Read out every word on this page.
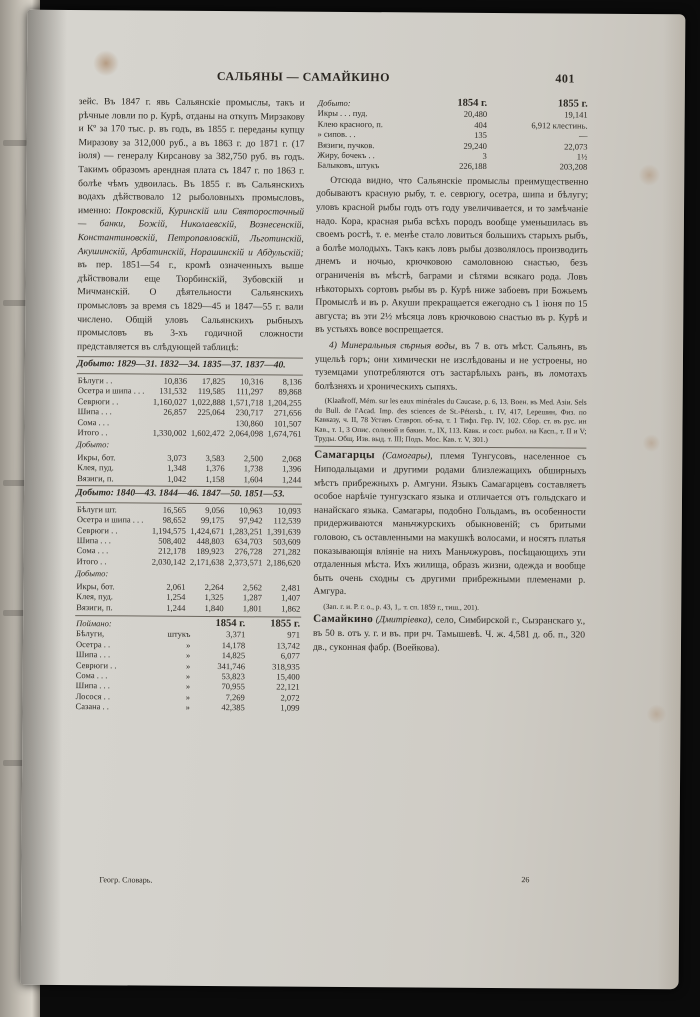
САЛЬЯНЫ — САМАЙКИНО	401

зейс. Въ 1847 г. явь Сальянскіе промыслы, такъ и рѣчные ловли по р. Курѣ, отданы на откупъ Мирзакову и Кº за 170 тыс. р. въ годъ, въ 1855 г. переданы купцу Миразову за 312,000 руб., а въ 1863 г. до 1871 г. (17 іюля) — генералу Кирсанову за 382,750 руб. въ годъ. Такимъ образомъ арендная плата съ 1847 г. по 1863 г. болѣе чѣмъ удвоилась. Въ 1855 г. въ Сальянскихъ водахъ дѣйствовало 12 рыболовныхъ промысловъ, именно: Покровскій, Куринскій или Святоросточный — банки, Божій, Николаевскій, Вознесенскій, Константиновскій, Петропавловскій, Льготинскій, Акушинскій, Арбатинскій, Норашинскій и Абдульскій; въ пер. 1851—54 г., кромѣ означенныхъ выше дѣйствовали еще Тюрбинскій, Зубовскій и Мичманскій. О дѣятельности Сальянскихъ промысловъ за время съ 1829—45 и 1847—55 г. вали числено. Общій уловъ Сальянскихъ рыбныхъ промысловъ въ 3-хъ годичной сложности представляется въ слѣдующей таблицѣ:

Добыто: 1829—31. 1832—34. 1835—37. 1837—40.
Бѣлуги . .	10,836	17,825	10,316	8,136
Осетра и шипа . . .	131,532	119,585	111,297	89,868
Севрюги . .	1,160,027	1,022,888	1,571,718	1,204,255
Шипа . . .	26,857	225,064	230,717	271,656
Сома . . .			130,860	101,507
Итого . .	1,330,002	1,602,472	2,064,098	1,674,761
Добыто:
Икры, бот.	3,073	3,583	2,500	2,068
Клея, пуд.	1,348	1,376	1,738	1,396
Вязиги, п.	1,042	1,158	1,604	1,244
Добыто: 1840—43. 1844—46. 1847—50. 1851—53.
Бѣлуги шт.	16,565	9,056	10,963	10,093
Осетра и шипа . . .	98,652	99,175	97,942	112,539
Севрюги . .	1,194,575	1,424,671	1,283,251	1,391,639
Шипа . . .	508,402	448,803	634,703	503,609
Сома . . .	212,178	189,923	276,728	271,282
Итого . .	2,030,142	2,171,638	2,373,571	2,186,620
Добыто:
Икры, бот.	2,061	2,264	2,562	2,481
Клея, пуд.	1,254	1,325	1,287	1,407
Вязиги, п.	1,244	1,840	1,801	1,862
Поймано:		1854 г.	1855 г.
Бѣлуги,	штукъ	3,371	971
Осетра . .	»	14,178	13,742
Шипа . . .	»	14,825	6,077
Севрюги . .	»	341,746	318,935
Сома . . .	»	53,823	15,400
Шипа . . .	»	70,955	22,121
Лосося . .	»	7,269	2,072
Сазана . .	»	42,385	1,099
Добыто:	1854 г.	1855 г.
Икры . . . пуд.	20,480	19,141
Клею красного, п.	404	6,912 клестинь.
» сипов. . .	135	—
Вязиги, пучков.	29,240	22,073
Жиру, бочекъ . .	3	1½
Балыковъ, штукъ	226,188	203,208

Отсюда видно, что Сальянскіе промыслы преимущественно добываютъ красную рыбу, т. е. севрюгу, осетра, шипа и бѣлугу; уловъ красной рыбы годъ отъ году увеличивается, и то замѣчаніе надо. Кора, красная рыба всѣхъ породъ вообще уменьшилась въ своемъ ростѣ, т. е. менѣе стало ловиться большихъ старыхъ рыбъ, а болѣе молодыхъ. Такъ какъ ловъ рыбы дозволялось производить днемъ и ночью, крючковою самоловною снастью, безъ ограниченія въ мѣстѣ, баграми и сѣтями всякаго рода. Ловъ нѣкоторыхъ сортовъ рыбы въ р. Курѣ ниже забоевъ при Божьемъ Промыслѣ и въ р. Акуши прекращается ежегодно съ 1 іюня по 15 августа; въ эти 2½ мѣсяца ловъ крючковою снастью въ р. Курѣ и въ устьяхъ вовсе воспрещается.

4) Минеральныя сѣрныя воды, въ 7 в. отъ мѣст. Сальянъ, въ ущельѣ горъ; они химически не изслѣдованы и не устроены, но туземцами употребляются отъ застарѣлыхъ ранъ, въ ломотахъ болѣзняхъ и хроническихъ сыпяхъ.

(Klaaßroff, Mém. sur les eaux minérales du Caucase, р. 6, 13. Воен. въ Мed. Aзіи. Sels du Bull. de l'Acad. Imp. des sciences de St.-Pétersb., t. IV, 417, Lepeшин, Физ. по Кавказу, ч. II, 78 Уставъ Ставроп. об-ва, т. 1 Тифл. Гер. IV, 102. Сбор. ст. въ рус. ин Кав., т. 1, 3 Опис. соляной и бакин. т., IX, 113. Кавк. и сост. рыбол. на Касп., т. II и V; Труды. Общ. Изв. выд. т. III; Подъ. Мос. Кав. т. V, 301.)

Самагарцы (Самогары), племя Тунгусовъ, населенное съ Ниподальцами и другими родами близлежащихъ обширныхъ мѣстъ прибрежныхъ р. Амгуни. Языкъ Самагарцевъ составляетъ особое нарѣчіе тунгузскаго языка и отличается отъ гольдскаго и нанайскаго языка. Самагары, подобно Гольдамъ, въ особенности придерживаются маньчжурскихъ обыкновеній; съ бритыми головою, съ оставленными на макушкѣ волосами, и носятъ платья показывающія вліяніе на нихъ Маньчжуровъ, посѣщающихъ эти отдаленныя мѣста. Ихъ жилища, образъ жизни, одежда и вообще быть очень сходны съ другими прибрежными племенами р. Амгура.

(Зап. г. и. Р. г. о., р. 43, 1,. т. сп. 1859 г., тиш., 201).

Самайкино (Дмитріевка), село, Симбирской г., Сызранскаго у., въ 50 в. отъ у. г. и въ. при рч. Тамышевѣ. Ч. ж. 4,581 д. об. п., 320 дв., суконная фабр. (Воейкова).

Геогр. Словарь.	26
